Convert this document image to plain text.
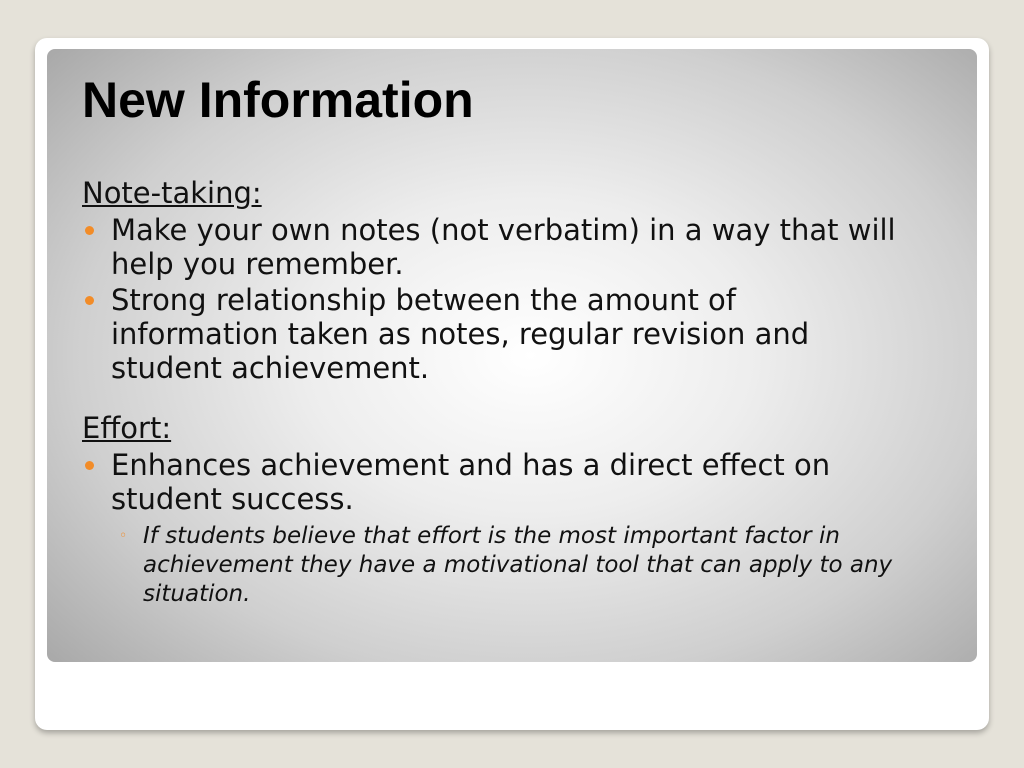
New Information

Note-taking:

Make your own notes (not verbatim) in a way that will help you remember.
Strong relationship between the amount of information taken as notes, regular revision and student achievement.

Effort:

Enhances achievement and has a direct effect on student success.
◦ If students believe that effort is the most important factor in achievement they have a motivational tool that can apply to any situation.
